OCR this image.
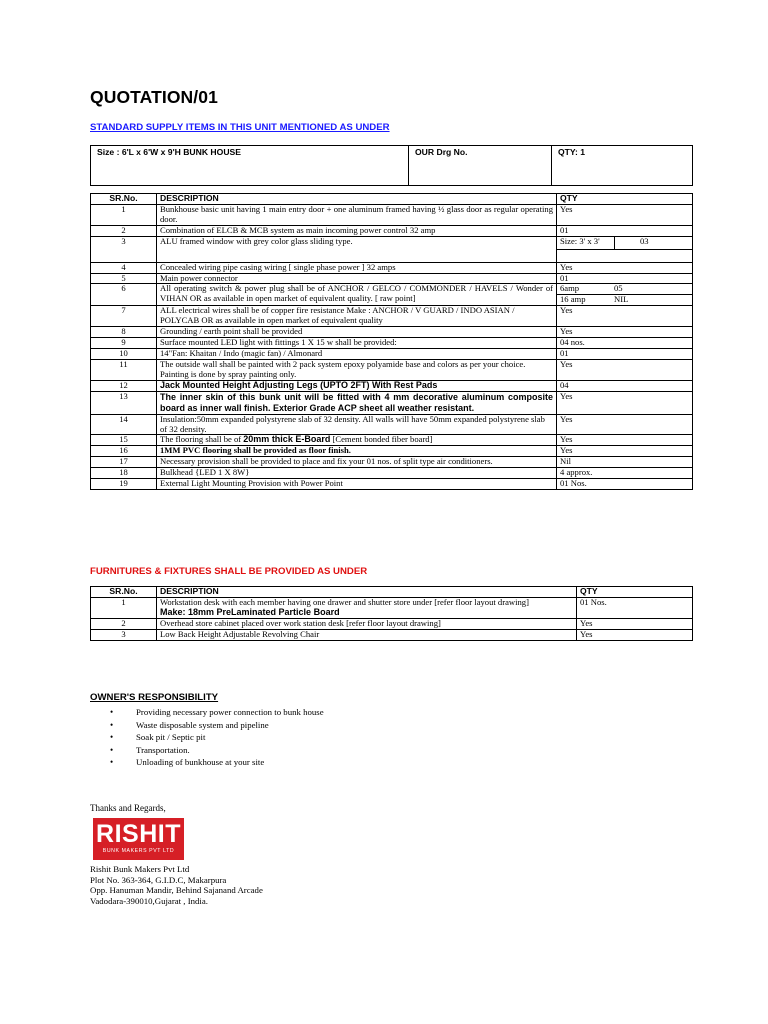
QUOTATION/01
STANDARD SUPPLY ITEMS IN THIS UNIT MENTIONED AS UNDER
Size : 6'L x 6'W x 9'H BUNK HOUSE	OUR Drg No.	QTY: 1
SR.No.	DESCRIPTION	QTY
1	Bunkhouse basic unit having 1 main entry door + one aluminum framed having ½ glass door as regular operating door.	Yes
2	Combination of ELCB & MCB system as main incoming power control 32 amp	01
3	ALU framed window with grey color glass sliding type.	Size: 3' x 3' 03

4	Concealed wiring pipe casing wiring [ single phase power ] 32 amps	Yes
5	Main power connector	01
6	All operating switch & power plug shall be of ANCHOR / GELCO / COMMONDER / HAVELS / Wonder of VIHAN OR as available in open market of equivalent quality. [ raw point]	6amp 05
16 amp NIL

7	ALL electrical wires shall be of copper fire resistance Make : ANCHOR / V GUARD / INDO ASIAN / POLYCAB OR as available in open market of equivalent quality	Yes
8	Grounding / earth point shall be provided	Yes
9	Surface mounted LED light with fittings 1 X 15 w shall be provided:	04 nos.
10	14"Fan: Khaitan / Indo (magic fan) / Almonard	01
11	The outside wall shall be painted with 2 pack system epoxy polyamide base and colors as per your choice. Painting is done by spray painting only.	Yes
12	Jack Mounted Height Adjusting Legs (UPTO 2FT) With Rest Pads	04
13	The inner skin of this bunk unit will be fitted with 4 mm decorative aluminum composite board as inner wall finish. Exterior Grade ACP sheet all weather resistant.	Yes
14	Insulation:50mm expanded polystyrene slab of 32 density. All walls will have 50mm expanded polystyrene slab of 32 density.	Yes
15	The flooring shall be of 20mm thick E-Board [Cement bonded fiber board]	Yes
16	1MM PVC flooring shall be provided as floor finish.	Yes
17	Necessary provision shall be provided to place and fix your 01 nos. of split type air conditioners.	Nil
18	Bulkhead {LED 1 X 8W}	4 approx.
19	External Light Mounting Provision with Power Point	01 Nos.
FURNITURES & FIXTURES SHALL BE PROVIDED AS UNDER
SR.No.	DESCRIPTION	QTY
1	Workstation desk with each member having one drawer and shutter store under [refer floor layout drawing]
Make: 18mm PreLaminated Particle Board	01 Nos.
2	Overhead store cabinet placed over work station desk [refer floor layout drawing]	Yes
3	Low Back Height Adjustable Revolving Chair	Yes
OWNER'S RESPONSIBILITY
• Providing necessary power connection to bunk house
• Waste disposable system and pipeline
• Soak pit / Septic pit
• Transportation.
• Unloading of bunkhouse at your site
Thanks and Regards,
RISHIT
BUNK MAKERS PVT LTD
Rishit Bunk Makers Pvt Ltd
Plot No. 363-364, G.I.D.C, Makarpura
Opp. Hanuman Mandir, Behind Sajanand Arcade
Vadodara-390010,Gujarat , India.
